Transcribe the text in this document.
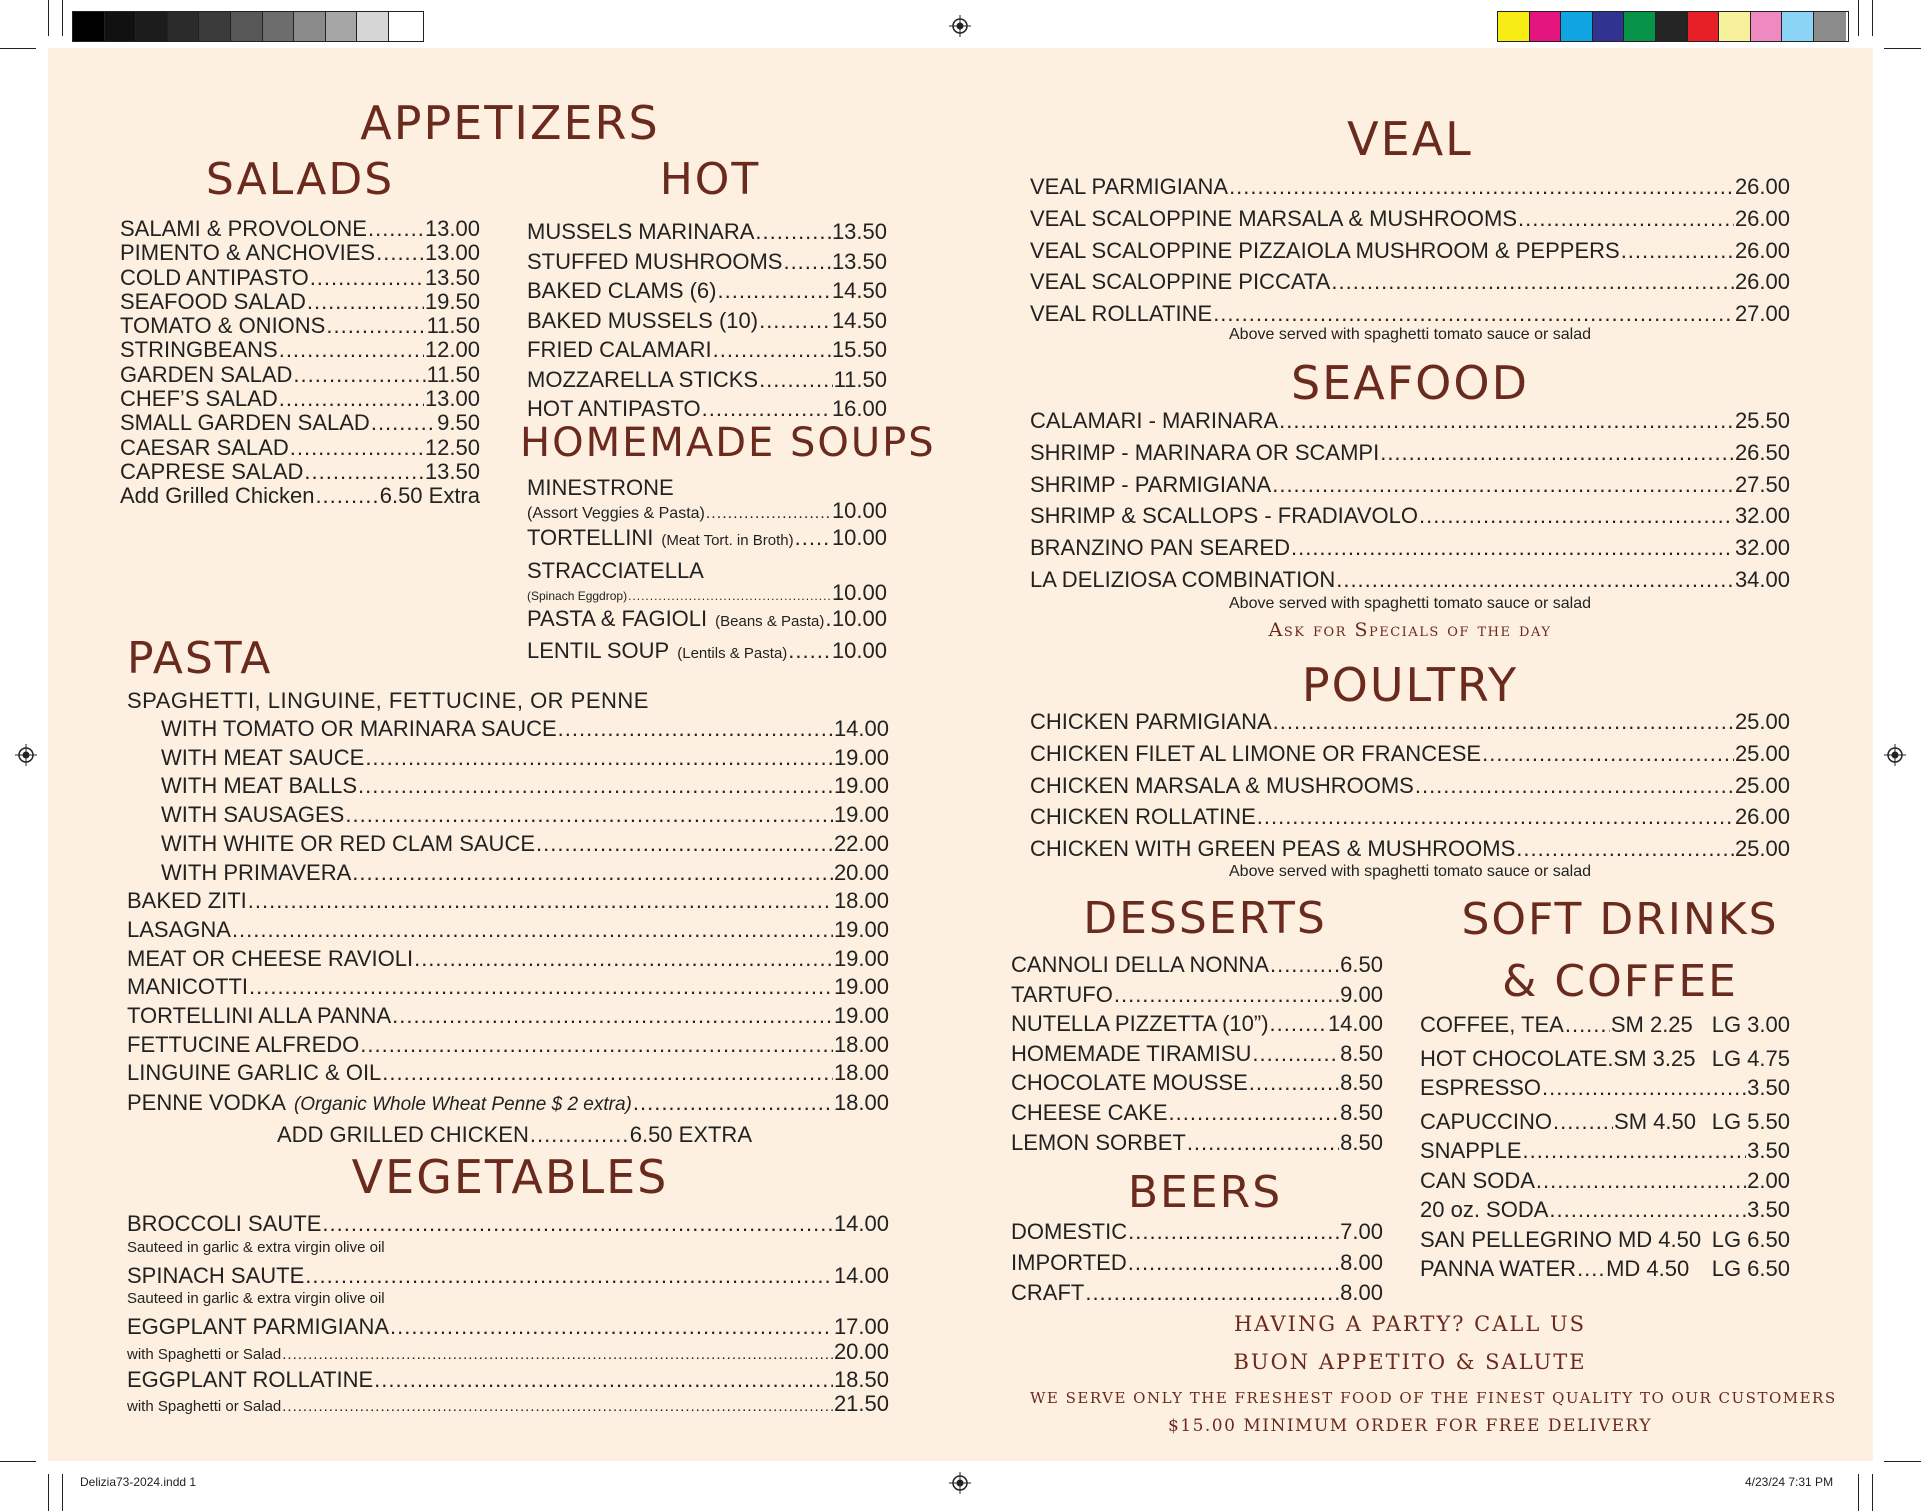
APPETIZERS
SALADS	HOT
SALAMI & PROVOLONE .....	13.00
PIMENTO & ANCHOVIES ..... 13.00
COLD ANTIPASTO .....	13.50
SEAFOOD SALAD .....	19.50
TOMATO & ONIONS .....	11.50
STRINGBEANS .....	12.00
GARDEN SALAD .....	11.50
CHEF’S SALAD .....	13.00
SMALL GARDEN SALAD .....	9.50
CAESAR SALAD .....	12.50
CAPRESE SALAD .....	13.50
Add Grilled Chicken .....	6.50 Extra
MUSSELS MARINARA .....	13.50
STUFFED MUSHROOMS ..... 13.50
BAKED CLAMS (6) .....	14.50
BAKED MUSSELS (10) .....	14.50
FRIED CALAMARI .....	15.50
MOZZARELLA STICKS .....	11.50
HOT ANTIPASTO .....	16.00
HOMEMADE SOUPS
MINESTRONE
(Assort Veggies & Pasta) .....	10.00
TORTELLINI (Meat Tort. in Broth) ..... 10.00
STRACCIATELLA
(Spinach Eggdrop) .....	10.00
PASTA & FAGIOLI (Beans & Pasta) ..... 10.00
LENTIL SOUP (Lentils & Pasta) ..... 10.00
PASTA
SPAGHETTI, LINGUINE, FETTUCINE, OR PENNE
WITH TOMATO OR MARINARA SAUCE .....	14.00
WITH MEAT SAUCE .....	19.00
WITH MEAT BALLS .....	19.00
WITH SAUSAGES .....	19.00
WITH WHITE OR RED CLAM SAUCE .....	22.00
WITH PRIMAVERA .....	20.00
BAKED ZITI .....	18.00
LASAGNA .....	19.00
MEAT OR CHEESE RAVIOLI .....	19.00
MANICOTTI .....	19.00
TORTELLINI ALLA PANNA .....	19.00
FETTUCINE ALFREDO .....	18.00
LINGUINE GARLIC & OIL .....	18.00
PENNE VODKA (Organic Whole Wheat Penne $ 2 extra) .....	18.00
ADD GRILLED CHICKEN .....	6.50 EXTRA
VEGETABLES
BROCCOLI SAUTE .....	14.00
Sauteed in garlic & extra virgin olive oil
SPINACH SAUTE .....	14.00
Sauteed in garlic & extra virgin olive oil
EGGPLANT PARMIGIANA .....	17.00
with Spaghetti or Salad .....	20.00
EGGPLANT ROLLATINE .....	18.50
with Spaghetti or Salad .....	21.50
VEAL
VEAL PARMIGIANA .....	26.00
VEAL SCALOPPINE MARSALA & MUSHROOMS .....	26.00
VEAL SCALOPPINE PIZZAIOLA MUSHROOM & PEPPERS .....	26.00
VEAL SCALOPPINE PICCATA .....	26.00
VEAL ROLLATINE .....	27.00
Above served with spaghetti tomato sauce or salad
SEAFOOD
CALAMARI - MARINARA .....	25.50
SHRIMP - MARINARA OR SCAMPI .....	26.50
SHRIMP - PARMIGIANA .....	27.50
SHRIMP & SCALLOPS - FRADIAVOLO .....	32.00
BRANZINO PAN SEARED .....	32.00
LA DELIZIOSA COMBINATION .....	34.00
Above served with spaghetti tomato sauce or salad
Ask for Specials of the day
POULTRY
CHICKEN PARMIGIANA .....	25.00
CHICKEN FILET AL LIMONE OR FRANCESE .....	25.00
CHICKEN MARSALA & MUSHROOMS .....	25.00
CHICKEN ROLLATINE .....	26.00
CHICKEN WITH GREEN PEAS & MUSHROOMS .....	25.00
Above served with spaghetti tomato sauce or salad
DESSERTS
CANNOLI DELLA NONNA .....	6.50
TARTUFO .....	9.00
NUTELLA PIZZETTA (10”) .....	14.00
HOMEMADE TIRAMISU .....	8.50
CHOCOLATE MOUSSE .....	8.50
CHEESE CAKE .....	8.50
LEMON SORBET .....	8.50
BEERS
DOMESTIC .....	7.00
IMPORTED .....	8.00
CRAFT .....	8.00
SOFT DRINKS
& COFFEE
COFFEE, TEA ..... SM 2.25 LG 3.00
HOT CHOCOLATE. SM 3.25 LG 4.75
ESPRESSO .....	3.50
CAPUCCINO .....	SM 4.50 LG 5.50
SNAPPLE .....	3.50
CAN SODA .....	2.00
20 oz. SODA .....	3.50
SAN PELLEGRINO MD 4.50 LG 6.50
PANNA WATER ..... MD 4.50 LG 6.50
HAVING A PARTY? CALL US
BUON APPETITO & SALUTE
WE SERVE ONLY THE FRESHEST FOOD OF THE FINEST QUALITY TO OUR CUSTOMERS
$15.00 MINIMUM ORDER FOR FREE DELIVERY
Delizia73-2024.indd 1	4/23/24 7:31 PM
